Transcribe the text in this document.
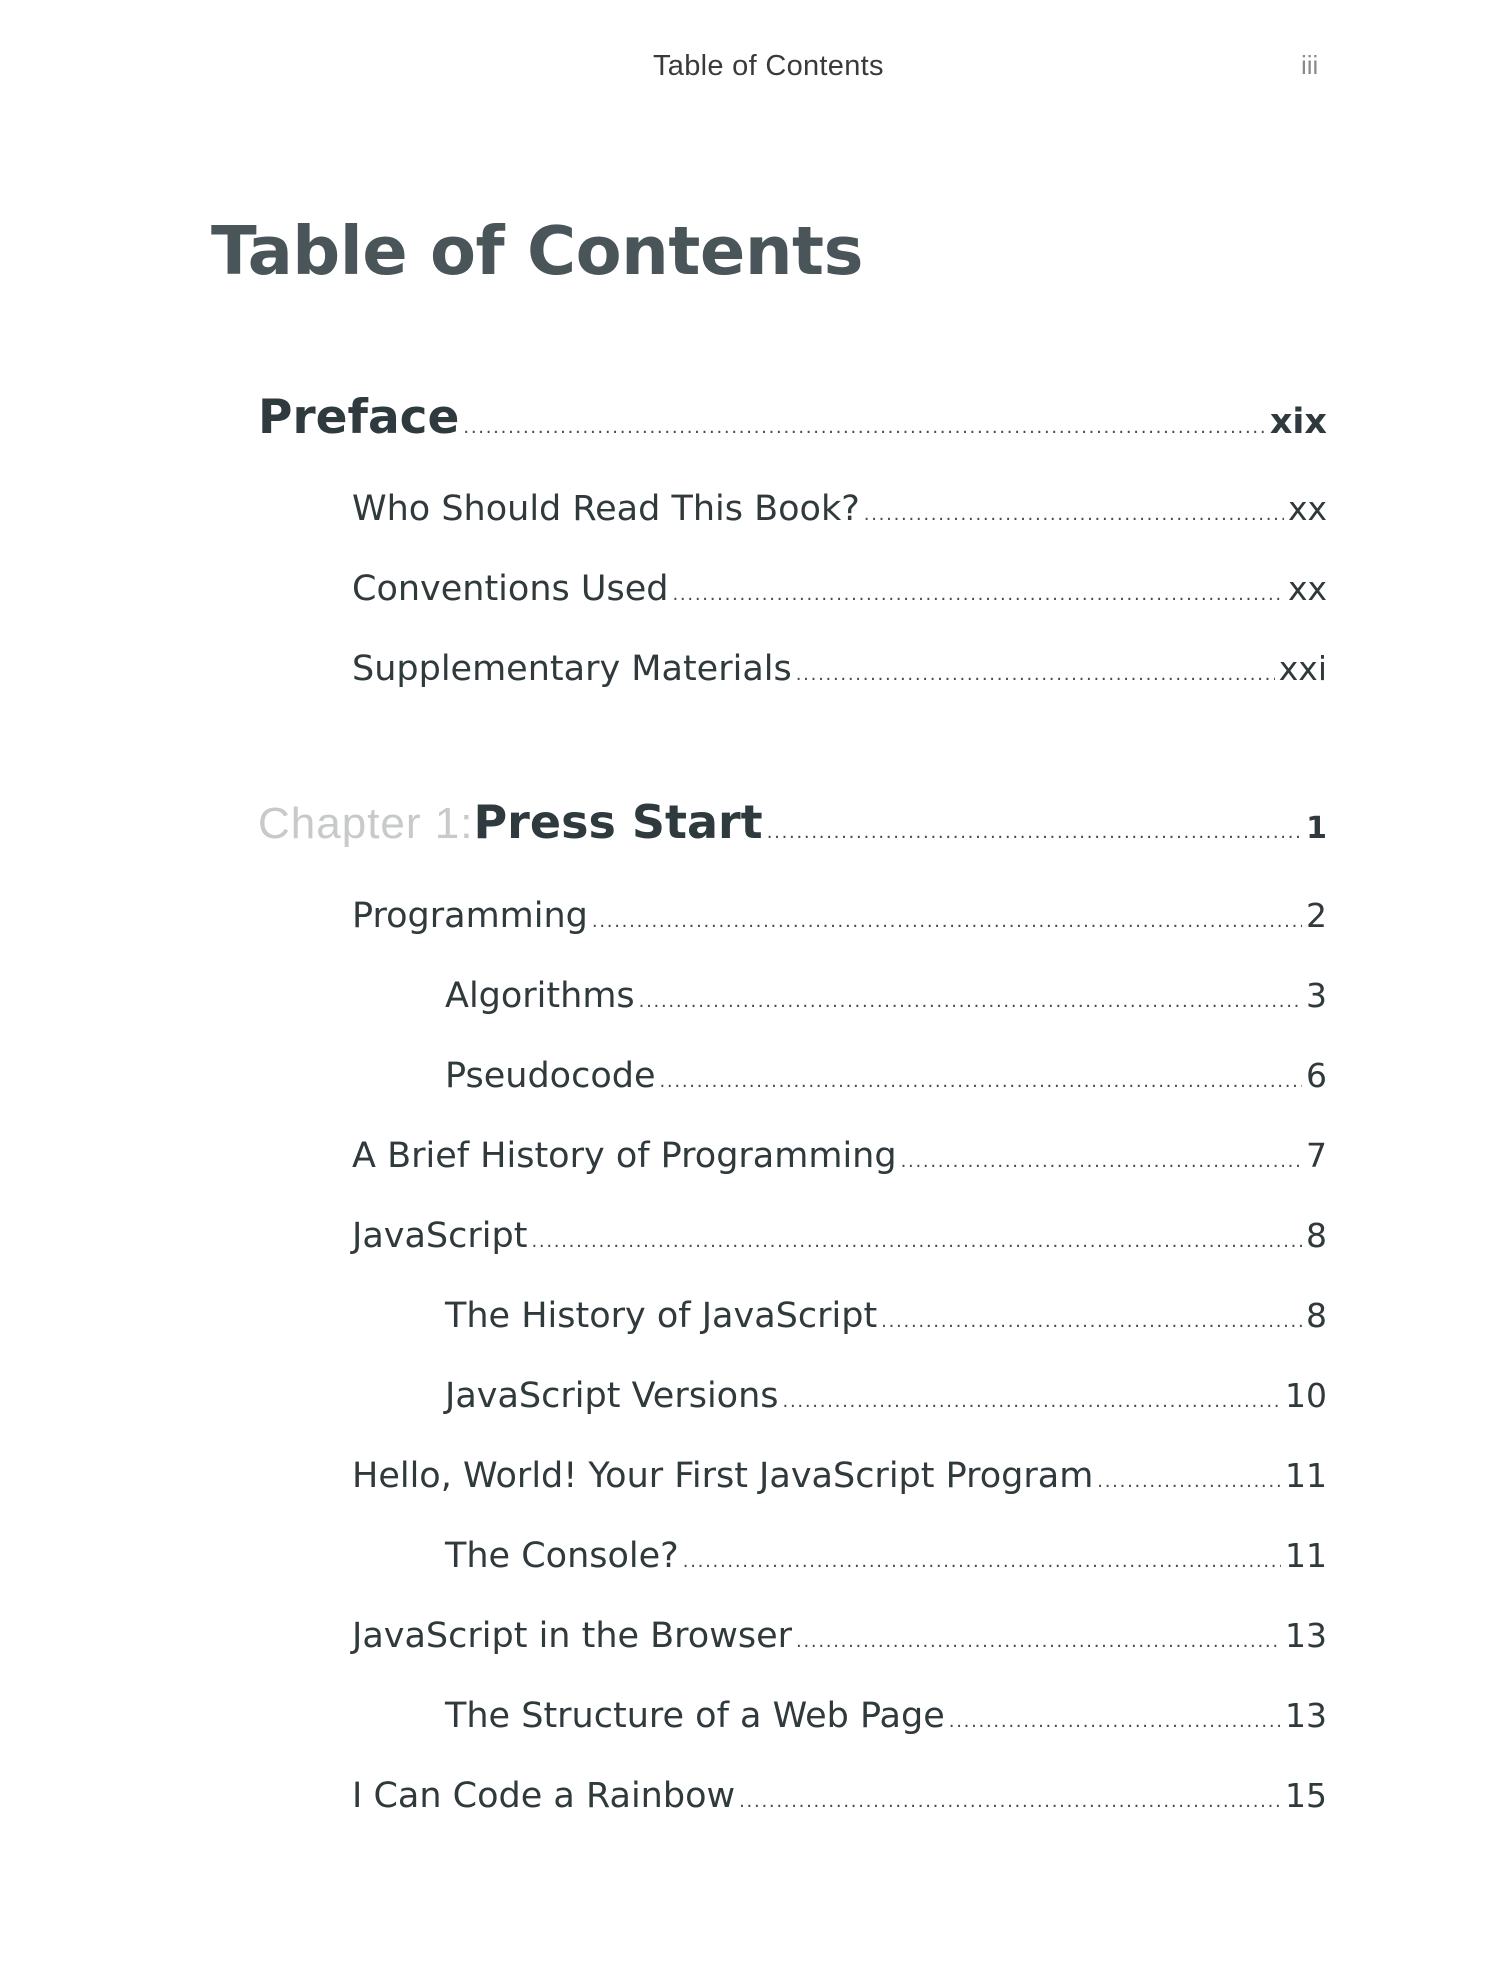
Table of Contents	iii
Table of Contents
Preface . . .	xix
Who Should Read This Book? . . .	xx
Conventions Used . . .	xx
Supplementary Materials . . .	xxi
Chapter 1: Press Start . . .	1
Programming . . .	2
Algorithms . . .	3
Pseudocode . . .	6
A Brief History of Programming . . .	7
JavaScript . . .	8
The History of JavaScript . . .	8
JavaScript Versions . . .	10
Hello, World! Your First JavaScript Program . . .	11
The Console? . . .	11
JavaScript in the Browser . . .	13
The Structure of a Web Page . . .	13
I Can Code a Rainbow . . .	15
